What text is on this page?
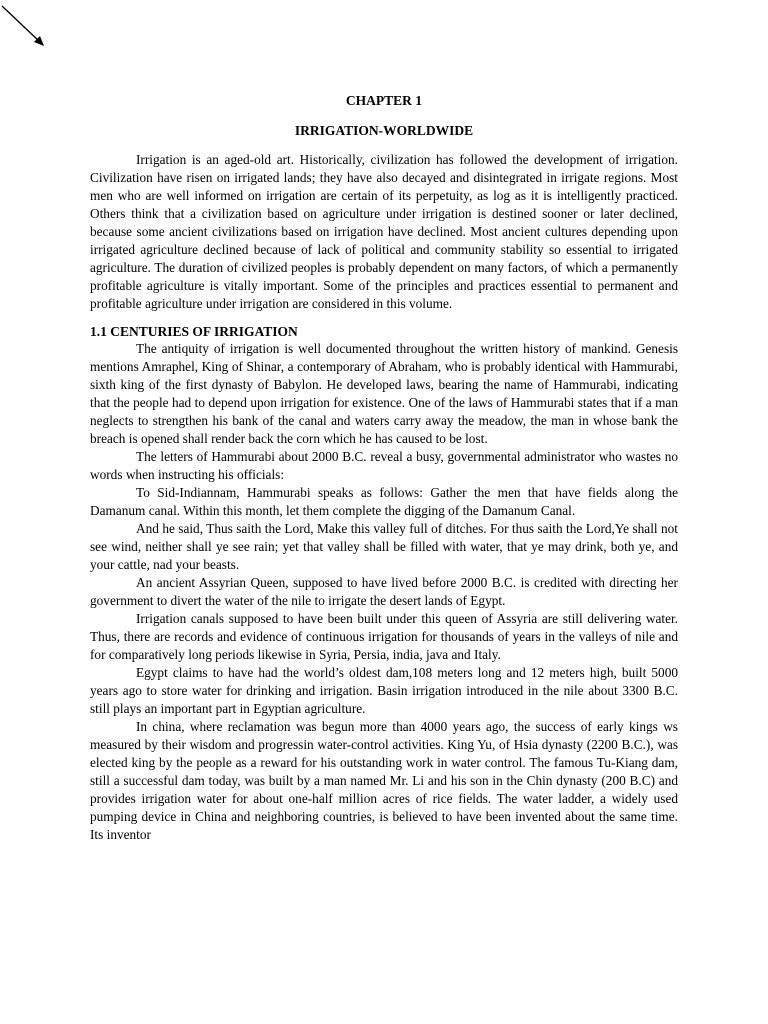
CHAPTER 1
IRRIGATION-WORLDWIDE

Irrigation is an aged-old art. Historically, civilization has followed the development of irrigation. Civilization have risen on irrigated lands; they have also decayed and disintegrated in irrigate regions. Most men who are well informed on irrigation are certain of its perpetuity, as log as it is intelligently practiced. Others think that a civilization based on agriculture under irrigation is destined sooner or later declined, because some ancient civilizations based on irrigation have declined. Most ancient cultures depending upon irrigated agriculture declined because of lack of political and community stability so essential to irrigated agriculture. The duration of civilized peoples is probably dependent on many factors, of which a permanently profitable agriculture is vitally important. Some of the principles and practices essential to permanent and profitable agriculture under irrigation are considered in this volume.

1.1 CENTURIES OF IRRIGATION

The antiquity of irrigation is well documented throughout the written history of mankind. Genesis mentions Amraphel, King of Shinar, a contemporary of Abraham, who is probably identical with Hammurabi, sixth king of the first dynasty of Babylon. He developed laws, bearing the name of Hammurabi, indicating that the people had to depend upon irrigation for existence. One of the laws of Hammurabi states that if a man neglects to strengthen his bank of the canal and waters carry away the meadow, the man in whose bank the breach is opened shall render back the corn which he has caused to be lost.

The letters of Hammurabi about 2000 B.C. reveal a busy, governmental administrator who wastes no words when instructing his officials:

To Sid-Indiannam, Hammurabi speaks as follows: Gather the men that have fields along the Damanum canal. Within this month, let them complete the digging of the Damanum Canal.

And he said, Thus saith the Lord, Make this valley full of ditches. For thus saith the Lord,Ye shall not see wind, neither shall ye see rain; yet that valley shall be filled with water, that ye may drink, both ye, and your cattle, nad your beasts.

An ancient Assyrian Queen, supposed to have lived before 2000 B.C. is credited with directing her government to divert the water of the nile to irrigate the desert lands of Egypt.

Irrigation canals supposed to have been built under this queen of Assyria are still delivering water. Thus, there are records and evidence of continuous irrigation for thousands of years in the valleys of nile and for comparatively long periods likewise in Syria, Persia, india, java and Italy.

Egypt claims to have had the world’s oldest dam,108 meters long and 12 meters high, built 5000 years ago to store water for drinking and irrigation. Basin irrigation introduced in the nile about 3300 B.C. still plays an important part in Egyptian agriculture.

In china, where reclamation was begun more than 4000 years ago, the success of early kings ws measured by their wisdom and progressin water-control activities. King Yu, of Hsia dynasty (2200 B.C.), was elected king by the people as a reward for his outstanding work in water control. The famous Tu-Kiang dam, still a successful dam today, was built by a man named Mr. Li and his son in the Chin dynasty (200 B.C) and provides irrigation water for about one-half million acres of rice fields. The water ladder, a widely used pumping device in China and neighboring countries, is believed to have been invented about the same time. Its inventor
